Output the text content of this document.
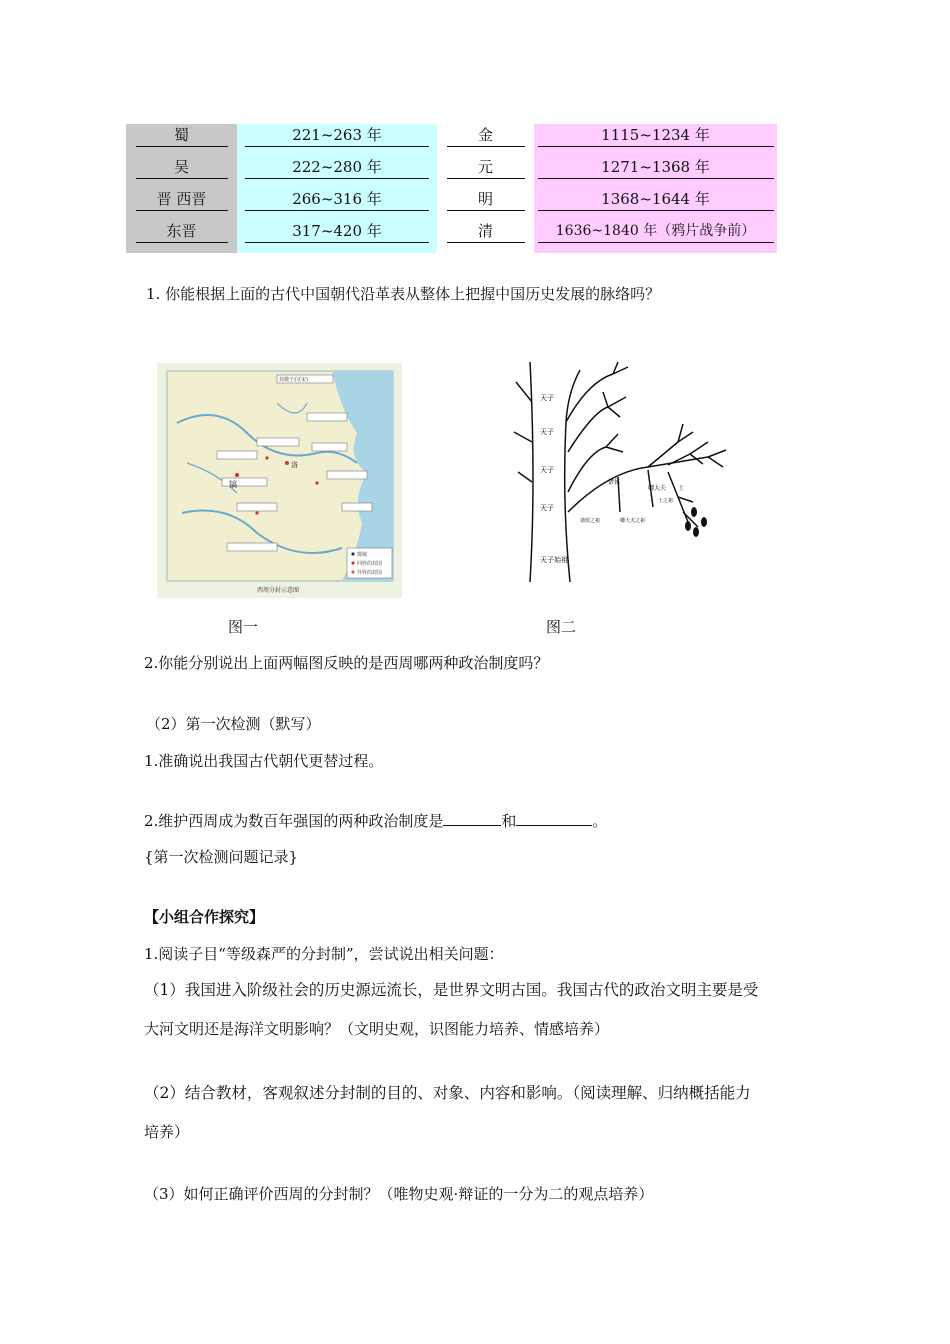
蜀	221~263 年	金	1115~1234 年
吴	222~280 年	元	1271~1368 年
晋 西晋	266~316 年	明	1368~1644 年
东晋	317~420 年	清	1636~1840 年（鸦片战争前）
1. 你能根据上面的古代中国朝代沿革表从整体上把握中国历史发展的脉络吗？
都城
同姓的封国
异姓的封国
封微子启(宋)
镐
洛
西周分封示意图
天子
天子
天子
天子
天子始祖
诸侯
卿大夫 士
诸侯之祖	卿大夫之祖
士之祖
图一	图二
2.你能分别说出上面两幅图反映的是西周哪两种政治制度吗？
（2）第一次检测（默写）
1.准确说出我国古代朝代更替过程。
2.维护西周成为数百年强国的两种政治制度是	和	。
{第一次检测问题记录}
【小组合作探究】
1.阅读子目“等级森严的分封制”，尝试说出相关问题：
（1）我国进入阶级社会的历史源远流长，是世界文明古国。我国古代的政治文明主要是受
大河文明还是海洋文明影响？（文明史观，识图能力培养、情感培养）
（2）结合教材，客观叙述分封制的目的、对象、内容和影响。（阅读理解、归纳概括能力
培养）
（3）如何正确评价西周的分封制？（唯物史观·辩证的一分为二的观点培养）
